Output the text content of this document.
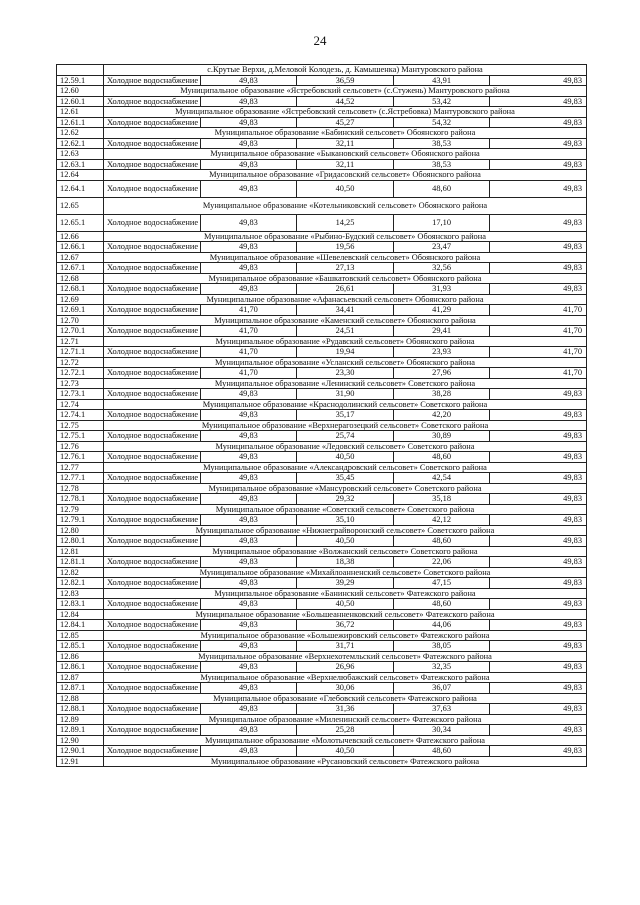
24
	с.Крутые Верхи, д.Меловой Колодезь, д. Камышенка) Мантуровского района				
12.59.1	Холодное водоснабжение	49,83	36,59	43,91	49,83
12.60	Муниципальное образование «Ястребовский сельсовет» (с.Стужень) Мантуровского района				
12.60.1	Холодное водоснабжение	49,83	44,52	53,42	49,83
12.61	Муниципальное образование «Ястребовский сельсовет» (с.Ястребовка) Мантуровского района				
12.61.1	Холодное водоснабжение	49,83	45,27	54,32	49,83
12.62	Муниципальное образование «Бабинский сельсовет» Обоянского района				
12.62.1	Холодное водоснабжение	49,83	32,11	38,53	49,83
12.63	Муниципальное образование «Быкановский сельсовет» Обоянского района				
12.63.1	Холодное водоснабжение	49,83	32,11	38,53	49,83
12.64	Муниципальное образование «Гридасовский сельсовет» Обоянского района				
12.64.1	Холодное водоснабжение	49,83	40,50	48,60	49,83
12.65	Муниципальное образование «Котельниковский сельсовет» Обоянского района				
12.65.1	Холодное водоснабжение	49,83	14,25	17,10	49,83
12.66	Муниципальное образование «Рыбино-Будский сельсовет» Обоянского района				
12.66.1	Холодное водоснабжение	49,83	19,56	23,47	49,83
12.67	Муниципальное образование «Шевелевский сельсовет» Обоянского района				
12.67.1	Холодное водоснабжение	49,83	27,13	32,56	49,83
12.68	Муниципальное образование «Башкатовский сельсовет» Обоянского района				
12.68.1	Холодное водоснабжение	49,83	26,61	31,93	49,83
12.69	Муниципальное образование «Афанасьевский сельсовет» Обоянского района				
12.69.1	Холодное водоснабжение	41,70	34,41	41,29	41,70
12.70	Муниципальное образование «Каменский сельсовет» Обоянского района				
12.70.1	Холодное водоснабжение	41,70	24,51	29,41	41,70
12.71	Муниципальное образование «Рудавский сельсовет» Обоянского района				
12.71.1	Холодное водоснабжение	41,70	19,94	23,93	41,70
12.72	Муниципальное образование «Усланский сельсовет» Обоянского района				
12.72.1	Холодное водоснабжение	41,70	23,30	27,96	41,70
12.73	Муниципальное образование «Ленинский сельсовет» Советского района				
12.73.1	Холодное водоснабжение	49,83	31,90	38,28	49,83
12.74	Муниципальное образование «Краснодолинский сельсовет» Советского района				
12.74.1	Холодное водоснабжение	49,83	35,17	42,20	49,83
12.75	Муниципальное образование «Верхнерагозецкий сельсовет» Советского района				
12.75.1	Холодное водоснабжение	49,83	25,74	30,89	49,83
12.76	Муниципальное образование «Ледовский сельсовет» Советского района				
12.76.1	Холодное водоснабжение	49,83	40,50	48,60	49,83
12.77	Муниципальное образование «Александровский сельсовет» Советского района				
12.77.1	Холодное водоснабжение	49,83	35,45	42,54	49,83
12.78	Муниципальное образование «Мансуровский сельсовет» Советского района				
12.78.1	Холодное водоснабжение	49,83	29,32	35,18	49,83
12.79	Муниципальное образование «Советский сельсовет» Советского района				
12.79.1	Холодное водоснабжение	49,83	35,10	42,12	49,83
12.80	Муниципальное образование «Нижнеграйворонский сельсовет» Советского района				
12.80.1	Холодное водоснабжение	49,83	40,50	48,60	49,83
12.81	Муниципальное образование «Волжанский сельсовет» Советского района				
12.81.1	Холодное водоснабжение	49,83	18,38	22,06	49,83
12.82	Муниципальное образование «Михайлоанненский сельсовет» Советского района				
12.82.1	Холодное водоснабжение	49,83	39,29	47,15	49,83
12.83	Муниципальное образование «Банинский сельсовет» Фатежского района				
12.83.1	Холодное водоснабжение	49,83	40,50	48,60	49,83
12.84	Муниципальное образование «Большеанненковский сельсовет» Фатежского района				
12.84.1	Холодное водоснабжение	49,83	36,72	44,06	49,83
12.85	Муниципальное образование «Большежировский сельсовет» Фатежского района				
12.85.1	Холодное водоснабжение	49,83	31,71	38,05	49,83
12.86	Муниципальное образование «Верхнехотемльский сельсовет» Фатежского района				
12.86.1	Холодное водоснабжение	49,83	26,96	32,35	49,83
12.87	Муниципальное образование «Верхнелюбажский сельсовет» Фатежского района				
12.87.1	Холодное водоснабжение	49,83	30,06	36,07	49,83
12.88	Муниципальное образование «Глебовский сельсовет» Фатежского района				
12.88.1	Холодное водоснабжение	49,83	31,36	37,63	49,83
12.89	Муниципальное образование «Миленинский сельсовет» Фатежского района				
12.89.1	Холодное водоснабжение	49,83	25,28	30,34	49,83
12.90	Муниципальное образование «Молотычевский сельсовет» Фатежского района				
12.90.1	Холодное водоснабжение	49,83	40,50	48,60	49,83
12.91	Муниципальное образование «Русановский сельсовет» Фатежского района				
